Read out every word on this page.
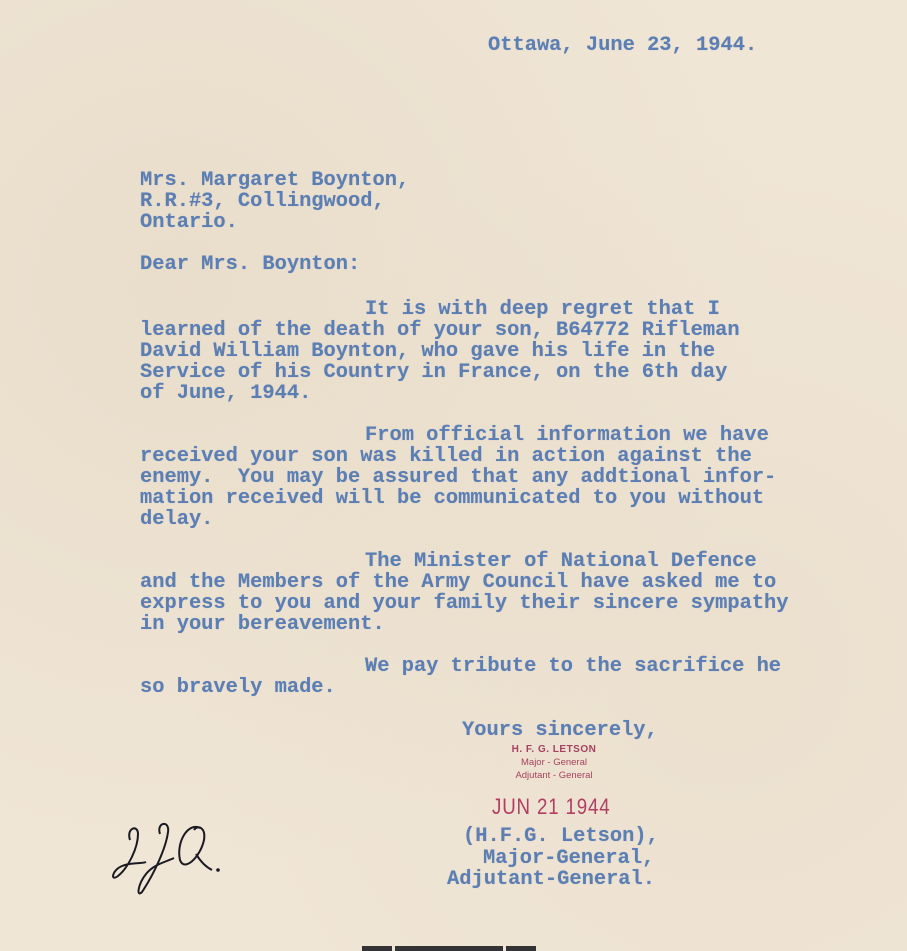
Ottawa, June 23, 1944.
Mrs. Margaret Boynton,
R.R.#3, Collingwood,
Ontario.
Dear Mrs. Boynton:
It is with deep regret that I
learned of the death of your son, B64772 Rifleman
David William Boynton, who gave his life in the
Service of his Country in France, on the 6th day
of June, 1944.
From official information we have
received your son was killed in action against the
enemy.  You may be assured that any addtional infor-
mation received will be communicated to you without
delay.
The Minister of National Defence
and the Members of the Army Council have asked me to
express to you and your family their sincere sympathy
in your bereavement.
We pay tribute to the sacrifice he
so bravely made.
Yours sincerely,
H. F. G. LETSON
Major - General
Adjutant - General
JUN 21 1944
(H.F.G. Letson),
Major-General,
Adjutant-General.
